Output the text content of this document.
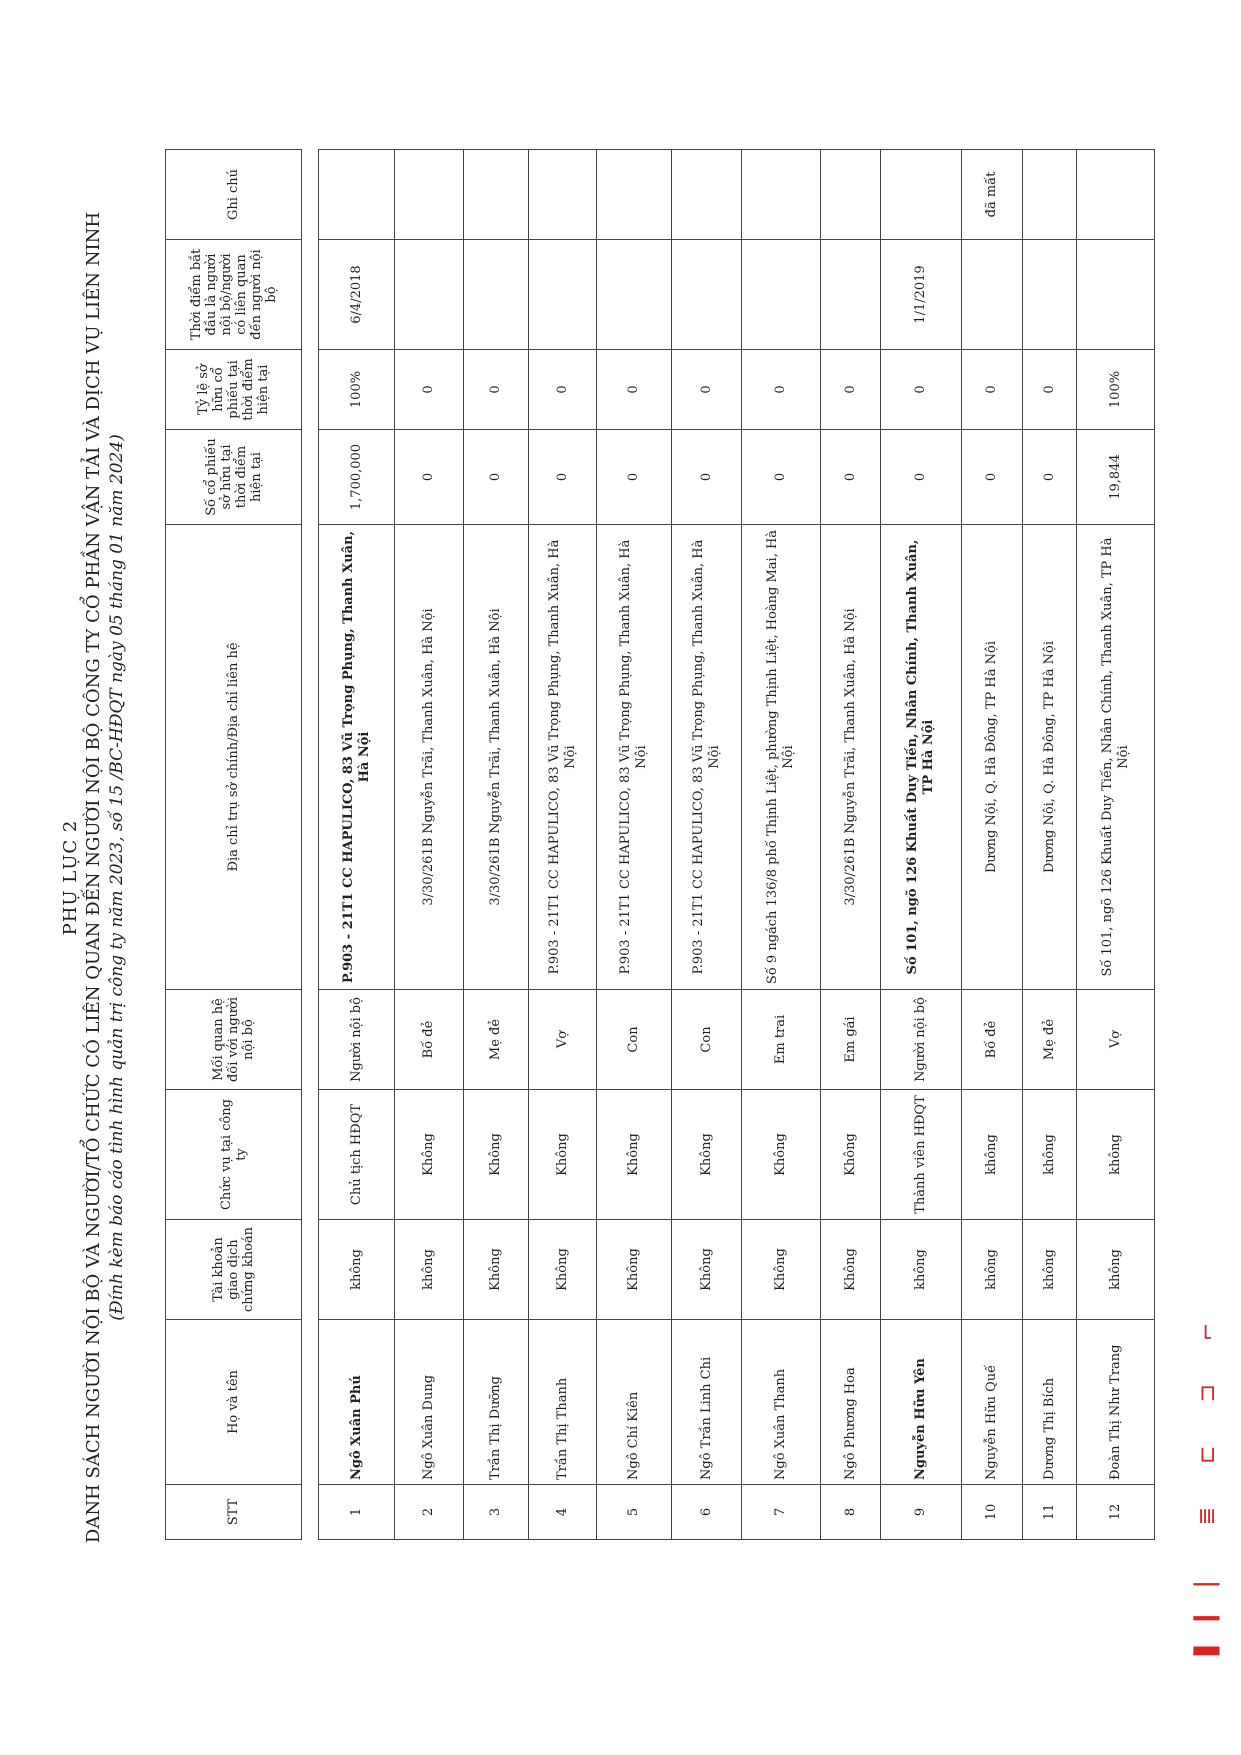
PHỤ LỤC 2 DANH SÁCH NGƯỜI NỘI BỘ VÀ NGƯỜI/TỔ CHỨC CÓ LIÊN QUAN ĐẾN NGƯỜI NỘI BỘ CÔNG TY CỔ PHẦN VẬN TẢI VÀ DỊCH VỤ LIÊN NINH (Đính kèm báo cáo tình hình quản trị công ty năm 2023, số 15 /BC-HĐQT ngày 05 tháng 01 năm 2024)
STT	Họ và tên	Tài khoản giao dịch chứng khoán	Chức vụ tại công ty	Mối quan hệ đối với người nội bộ	Địa chỉ trụ sở chính/Địa chỉ liên hệ	Số cổ phiếu sở hữu tại thời điểm hiện tại	Tỷ lệ sở hữu cổ phiếu tại thời điểm hiện tại	Thời điểm bắt đầu là người nội bộ/người có liên quan đến người nội bộ	Ghi chú
1	Ngô Xuân Phú	không	Chủ tịch HĐQT	Người nội bộ	P.903 - 21T1 CC HAPULICO, 83 Vũ Trọng Phụng, Thanh Xuân, Hà Nội	1,700,000	100%	6/4/2018	
2	Ngô Xuân Dung	không	Không	Bố đẻ	3/30/261B Nguyễn Trãi, Thanh Xuân, Hà Nội	0	0		
3	Trần Thị Dưỡng	Không	Không	Mẹ đẻ	3/30/261B Nguyễn Trãi, Thanh Xuân, Hà Nội	0	0		
4	Trần Thị Thanh	Không	Không	Vợ	P.903 - 21T1 CC HAPULICO, 83 Vũ Trọng Phụng, Thanh Xuân, Hà Nội	0	0		
5	Ngô Chí Kiên	Không	Không	Con	P.903 - 21T1 CC HAPULICO, 83 Vũ Trọng Phụng, Thanh Xuân, Hà Nội	0	0		
6	Ngô Trần Linh Chi	Không	Không	Con	P.903 - 21T1 CC HAPULICO, 83 Vũ Trọng Phụng, Thanh Xuân, Hà Nội	0	0		
7	Ngô Xuân Thanh	Không	Không	Em trai	Số 9 ngách 136/8 phố Thịnh Liệt, phường Thịnh Liệt, Hoàng Mai, Hà Nội	0	0		
8	Ngô Phương Hoa	Không	Không	Em gái	3/30/261B Nguyễn Trãi, Thanh Xuân, Hà Nội	0	0		
9	Nguyễn Hữu Yên	không	Thành viên HĐQT	Người nội bộ	Số 101, ngõ 126 Khuất Duy Tiến, Nhân Chính, Thanh Xuân, TP Hà Nội	0	0	1/1/2019	
10	Nguyễn Hữu Quế	không	không	Bố đẻ	Dương Nội, Q. Hà Đông, TP Hà Nội	0	0		đã mất
11	Dương Thị Bích	không	không	Mẹ đẻ	Dương Nội, Q. Hà Đông, TP Hà Nội	0	0		
12	Đoàn Thị Như Trang	không	không	Vợ	Số 101, ngõ 126 Khuất Duy Tiến, Nhân Chính, Thanh Xuân, TP Hà Nội	19,844	100%		
▌▎▏ ≣ ⊏ ⊐ ⌐
